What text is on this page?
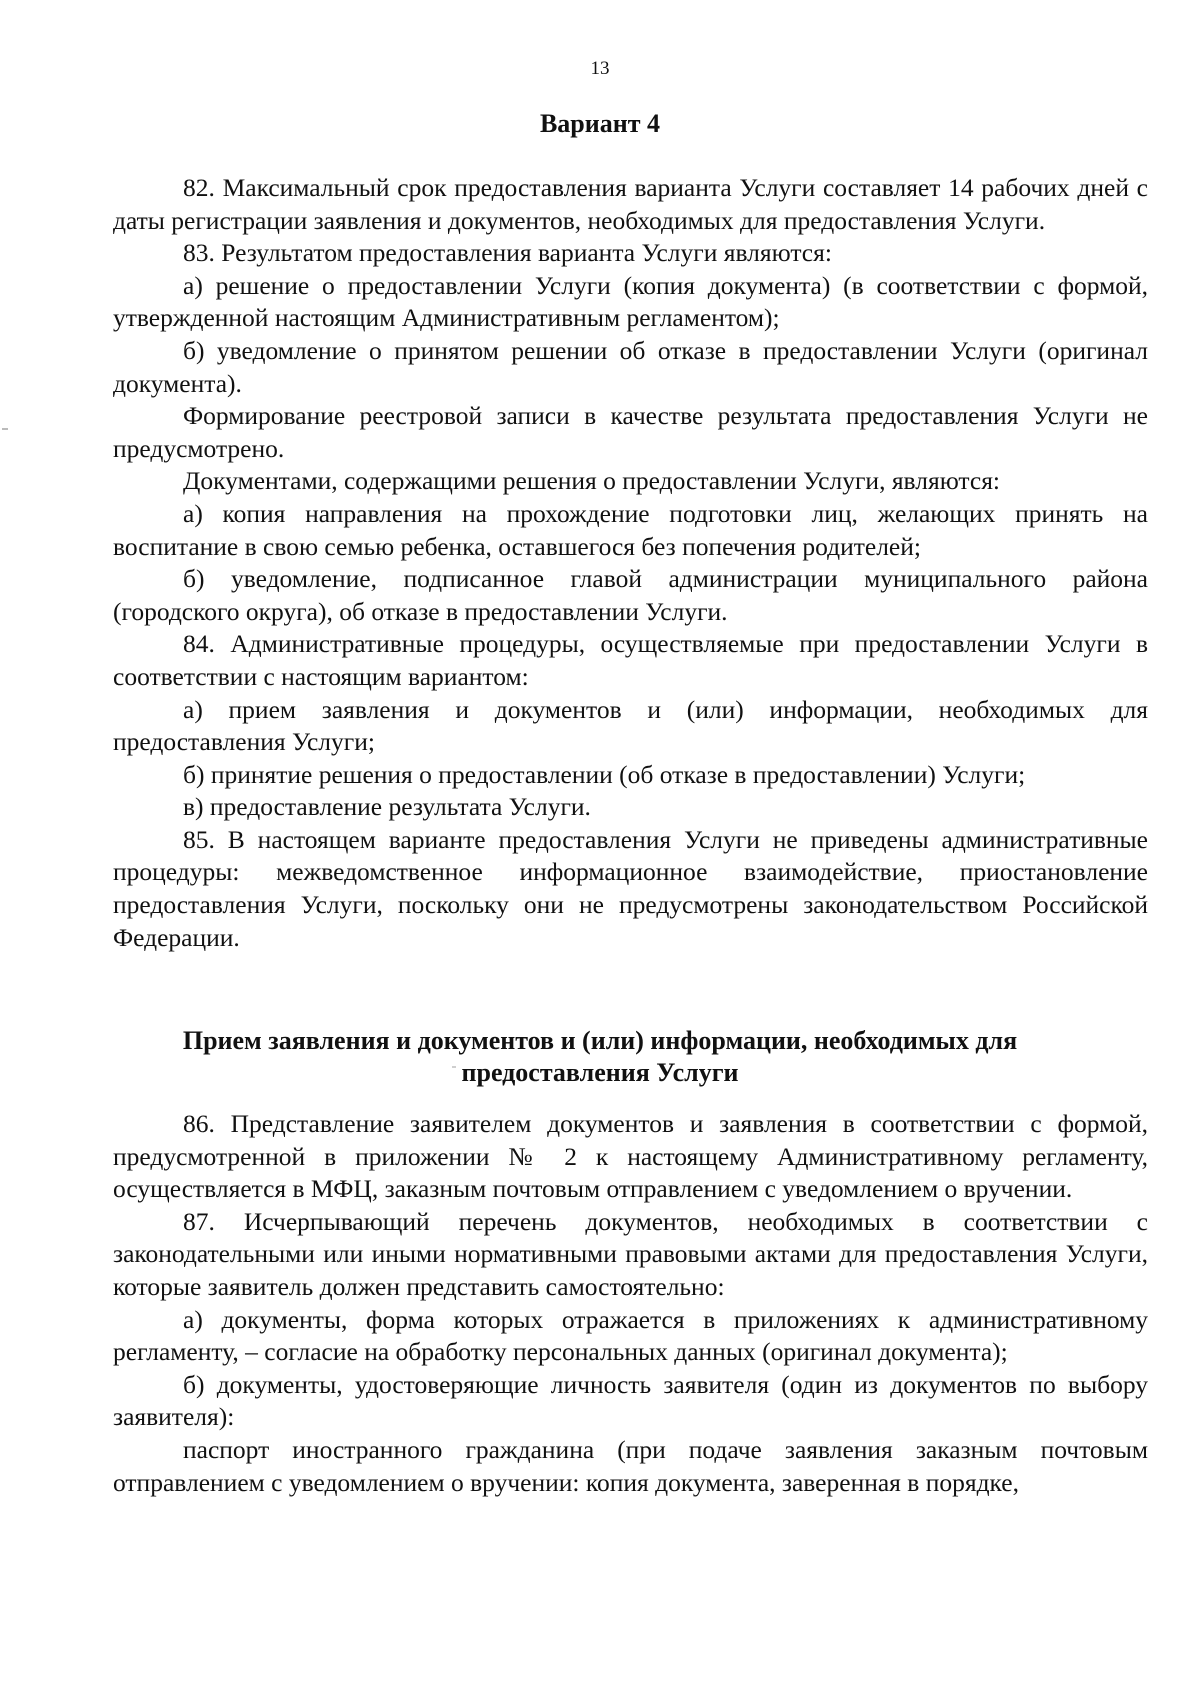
13
Вариант 4

82. Максимальный срок предоставления варианта Услуги составляет 14 рабочих дней с даты регистрации заявления и документов, необходимых для предоставления Услуги.

83. Результатом предоставления варианта Услуги являются:

а) решение о предоставлении Услуги (копия документа) (в соответствии с формой, утвержденной настоящим Административным регламентом);

б) уведомление о принятом решении об отказе в предоставлении Услуги (оригинал документа).

Формирование реестровой записи в качестве результата предоставления Услуги не предусмотрено.

Документами, содержащими решения о предоставлении Услуги, являются:

а) копия направления на прохождение подготовки лиц, желающих принять на воспитание в свою семью ребенка, оставшегося без попечения родителей;

б) уведомление, подписанное главой администрации муниципального района (городского округа), об отказе в предоставлении Услуги.

84. Административные процедуры, осуществляемые при предоставлении Услуги в соответствии с настоящим вариантом:

а) прием заявления и документов и (или) информации, необходимых для предоставления Услуги;

б) принятие решения о предоставлении (об отказе в предоставлении) Услуги;

в) предоставление результата Услуги.

85. В настоящем варианте предоставления Услуги не приведены административные процедуры: межведомственное информационное взаимодействие, приостановление предоставления Услуги, поскольку они не предусмотрены законодательством Российской Федерации.

Прием заявления и документов и (или) информации, необходимых для
предоставления Услуги

86. Представление заявителем документов и заявления в соответствии с формой, предусмотренной в приложении № 2 к настоящему Административному регламенту, осуществляется в МФЦ, заказным почтовым отправлением с уведомлением о вручении.

87. Исчерпывающий перечень документов, необходимых в соответствии с законодательными или иными нормативными правовыми актами для предоставления Услуги, которые заявитель должен представить самостоятельно:

а) документы, форма которых отражается в приложениях к административному регламенту, – согласие на обработку персональных данных (оригинал документа);

б) документы, удостоверяющие личность заявителя (один из документов по выбору заявителя):

паспорт иностранного гражданина (при подаче заявления заказным почтовым отправлением с уведомлением о вручении: копия документа, заверенная в порядке,
